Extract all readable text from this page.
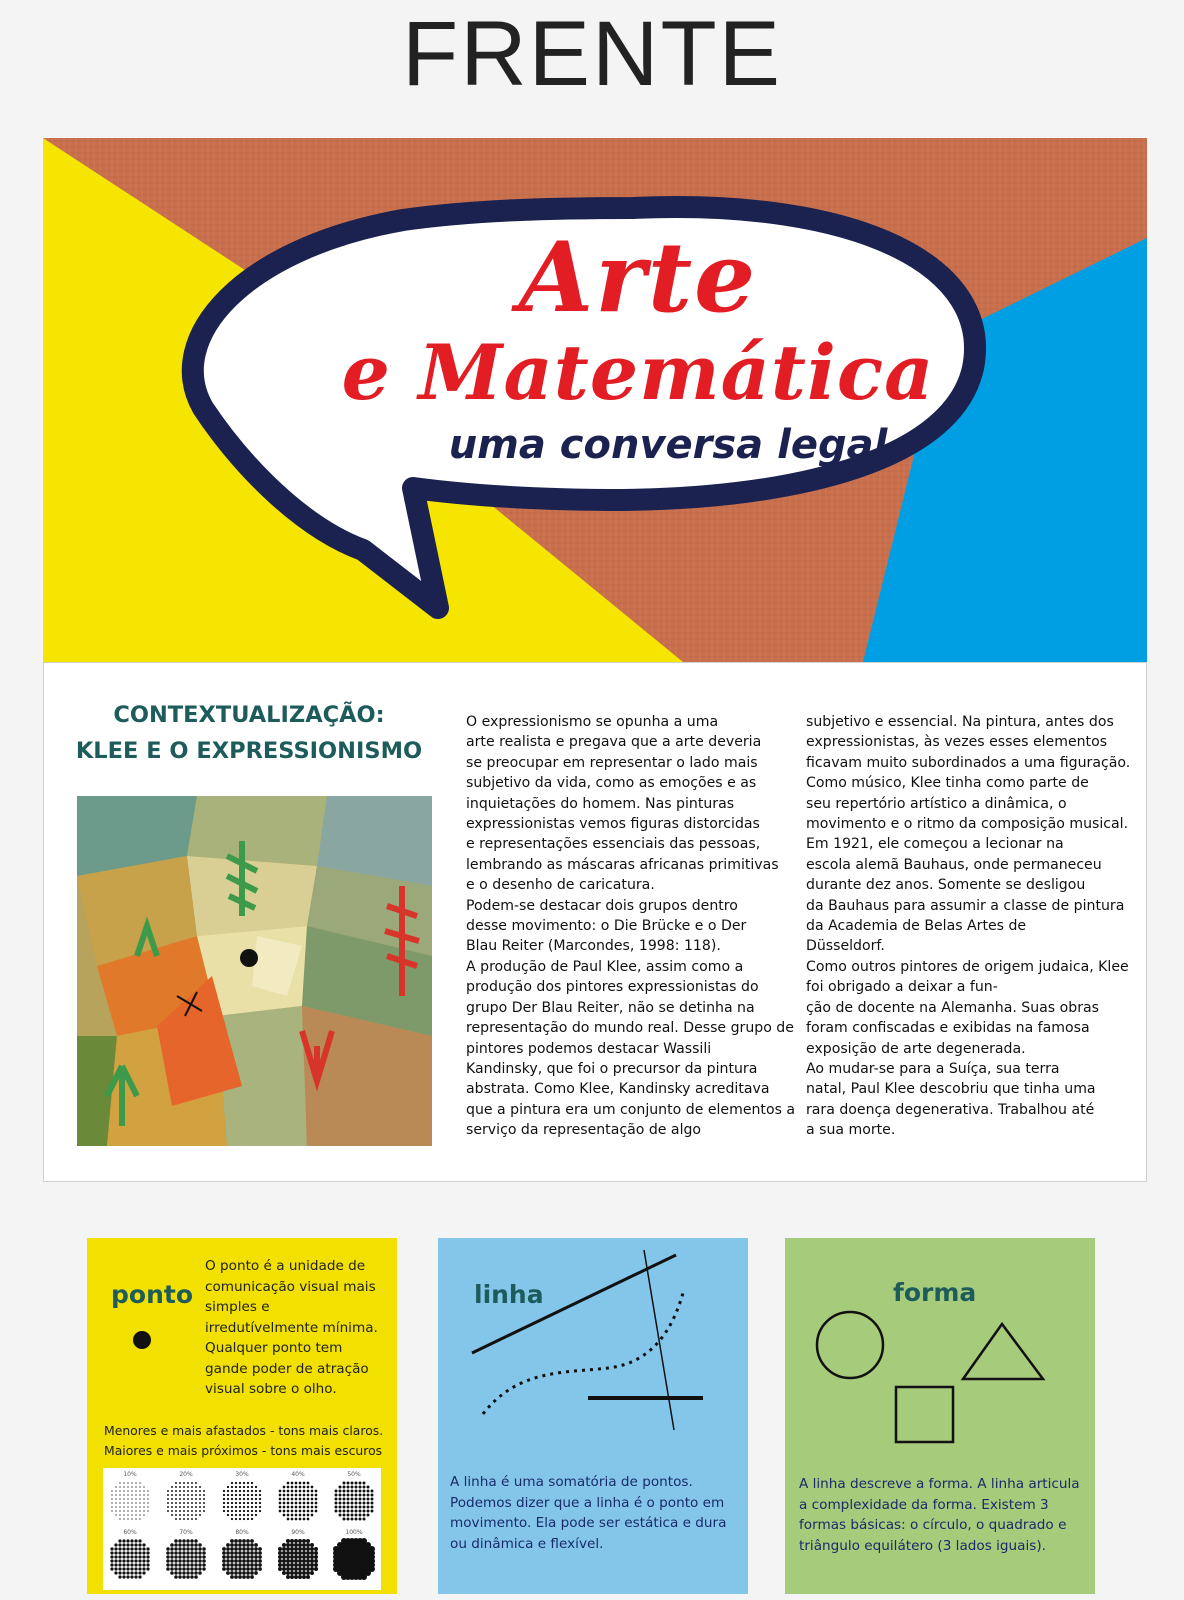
FRENTE
Arte
e Matemática
uma conversa legal
CONTEXTUALIZAÇÃO:
KLEE E O EXPRESSIONISMO

O expressionismo se opunha a uma

arte realista e pregava que a arte deveria

se preocupar em representar o lado mais

subjetivo da vida, como as emoções e as

inquietações do homem. Nas pinturas

expressionistas vemos figuras distorcidas

e representações essenciais das pessoas,

lembrando as máscaras africanas primitivas

e o desenho de caricatura.

Podem-se destacar dois grupos dentro

desse movimento: o Die Brücke e o Der

Blau Reiter (Marcondes, 1998: 118).

A produção de Paul Klee, assim como a

produção dos pintores expressionistas do

grupo Der Blau Reiter, não se detinha na

representação do mundo real. Desse grupo de

pintores podemos destacar Wassili

Kandinsky, que foi o precursor da pintura

abstrata. Como Klee, Kandinsky acreditava

que a pintura era um conjunto de elementos a

serviço da representação de algo

subjetivo e essencial. Na pintura, antes dos

expressionistas, às vezes esses elementos

ficavam muito subordinados a uma figuração.

Como músico, Klee tinha como parte de

seu repertório artístico a dinâmica, o

movimento e o ritmo da composição musical.

Em 1921, ele começou a lecionar na

escola alemã Bauhaus, onde permaneceu

durante dez anos. Somente se desligou

da Bauhaus para assumir a classe de pintura

da Academia de Belas Artes de

Düsseldorf.

Como outros pintores de origem judaica, Klee

foi obrigado a deixar a fun-

ção de docente na Alemanha. Suas obras

foram confiscadas e exibidas na famosa

exposição de arte degenerada.

Ao mudar-se para a Suíça, sua terra

natal, Paul Klee descobriu que tinha uma

rara doença degenerativa. Trabalhou até

a sua morte.

ponto

O ponto é a unidade de

comunicação visual mais

simples e

irredutívelmente mínima.

Qualquer ponto tem

gande poder de atração

visual sobre o olho.

Menores e mais afastados - tons mais claros.
Maiores e mais próximos - tons mais escuros
10%	20%	30%	40%	50%
60%	70%	80%	90%	100%
linha

A linha é uma somatória de pontos.

Podemos dizer que a linha é o ponto em

movimento. Ela pode ser estática e dura

ou dinâmica e flexível.

forma

A linha descreve a forma. A linha articula

a complexidade da forma. Existem 3

formas básicas: o círculo, o quadrado e

triângulo equilátero (3 lados iguais).
